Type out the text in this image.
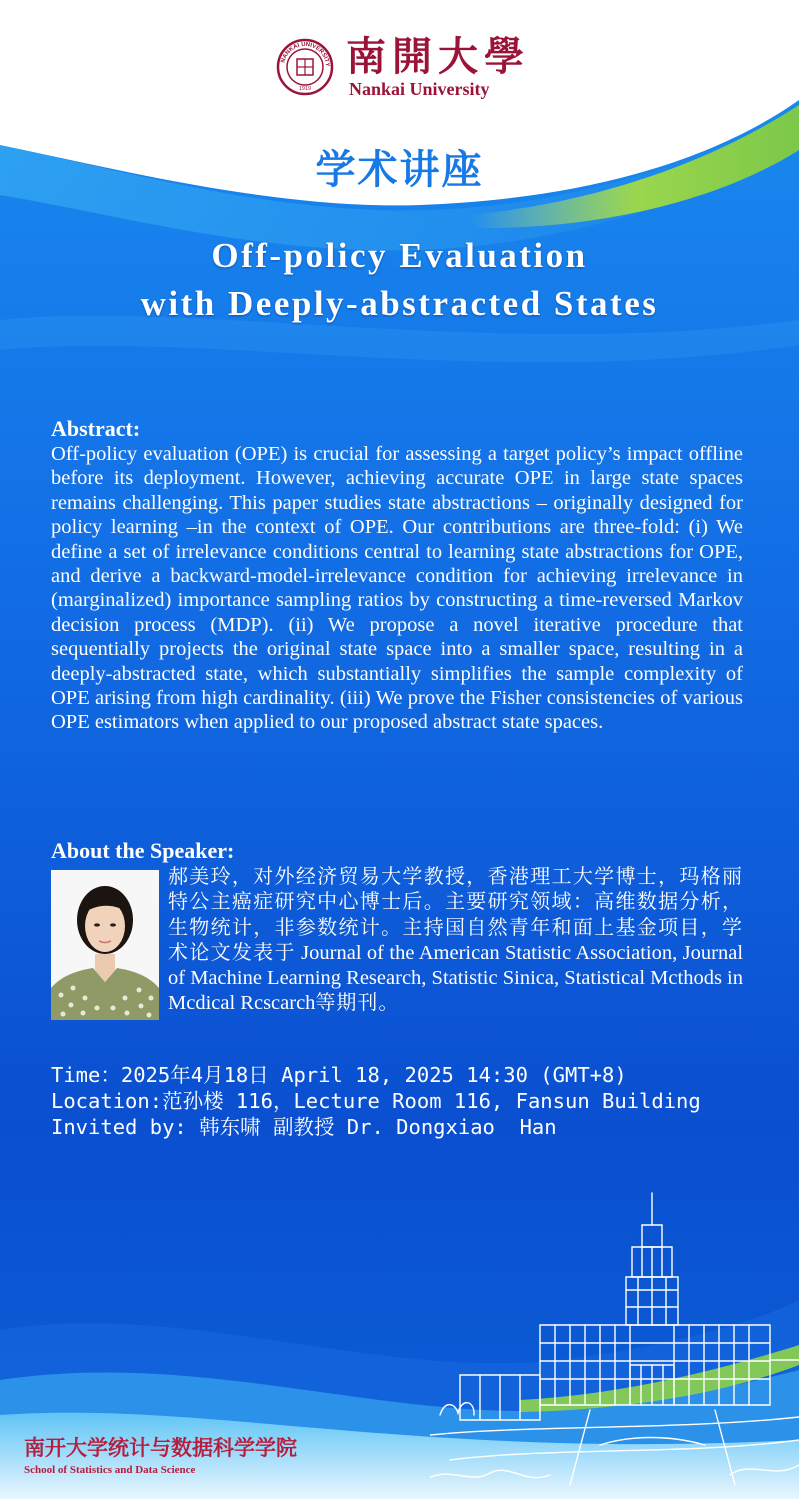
NANKAI UNIVERSITY
1919
南開大學
Nankai University
学术讲座
Off-policy Evaluation
with Deeply-abstracted States
Abstract:
Off-policy evaluation (OPE) is crucial for assessing a target policy’s impact offline before its deployment. However, achieving accurate OPE in large state spaces remains challenging. This paper studies state abstractions – originally designed for policy learning –in the context of OPE. Our contributions are three-fold: (i) We define a set of irrelevance conditions central to learning state abstractions for OPE, and derive a backward-model-irrelevance condition for achieving irrelevance in (marginalized) importance sampling ratios by constructing a time-reversed Markov decision process (MDP). (ii) We propose a novel iterative procedure that sequentially projects the original state space into a smaller space, resulting in a deeply-abstracted state, which substantially simplifies the sample complexity of OPE arising from high cardinality. (iii) We prove the Fisher consistencies of various OPE estimators when applied to our proposed abstract state spaces.
About the Speaker:
郝美玲，对外经济贸易大学教授，香港理工大学博士，玛格丽特公主癌症研究中心博士后。主要研究领域：高维数据分析，生物统计，非参数统计。主持国自然青年和面上基金项目，学术论文发表于 Journal of the American Statistic Association, Journal of Machine Learning Research, Statistic Sinica, Statistical Mcthods in Mcdical Rcscarch等期刊。
Time：2025年4月18日 April 18, 2025 14:30 (GMT+8)
Location:范孙楼 116，Lecture Room 116, Fansun Building
Invited by: 韩东啸 副教授 Dr. Dongxiao  Han
南开大学统计与数据科学学院
School of Statistics and Data Science
